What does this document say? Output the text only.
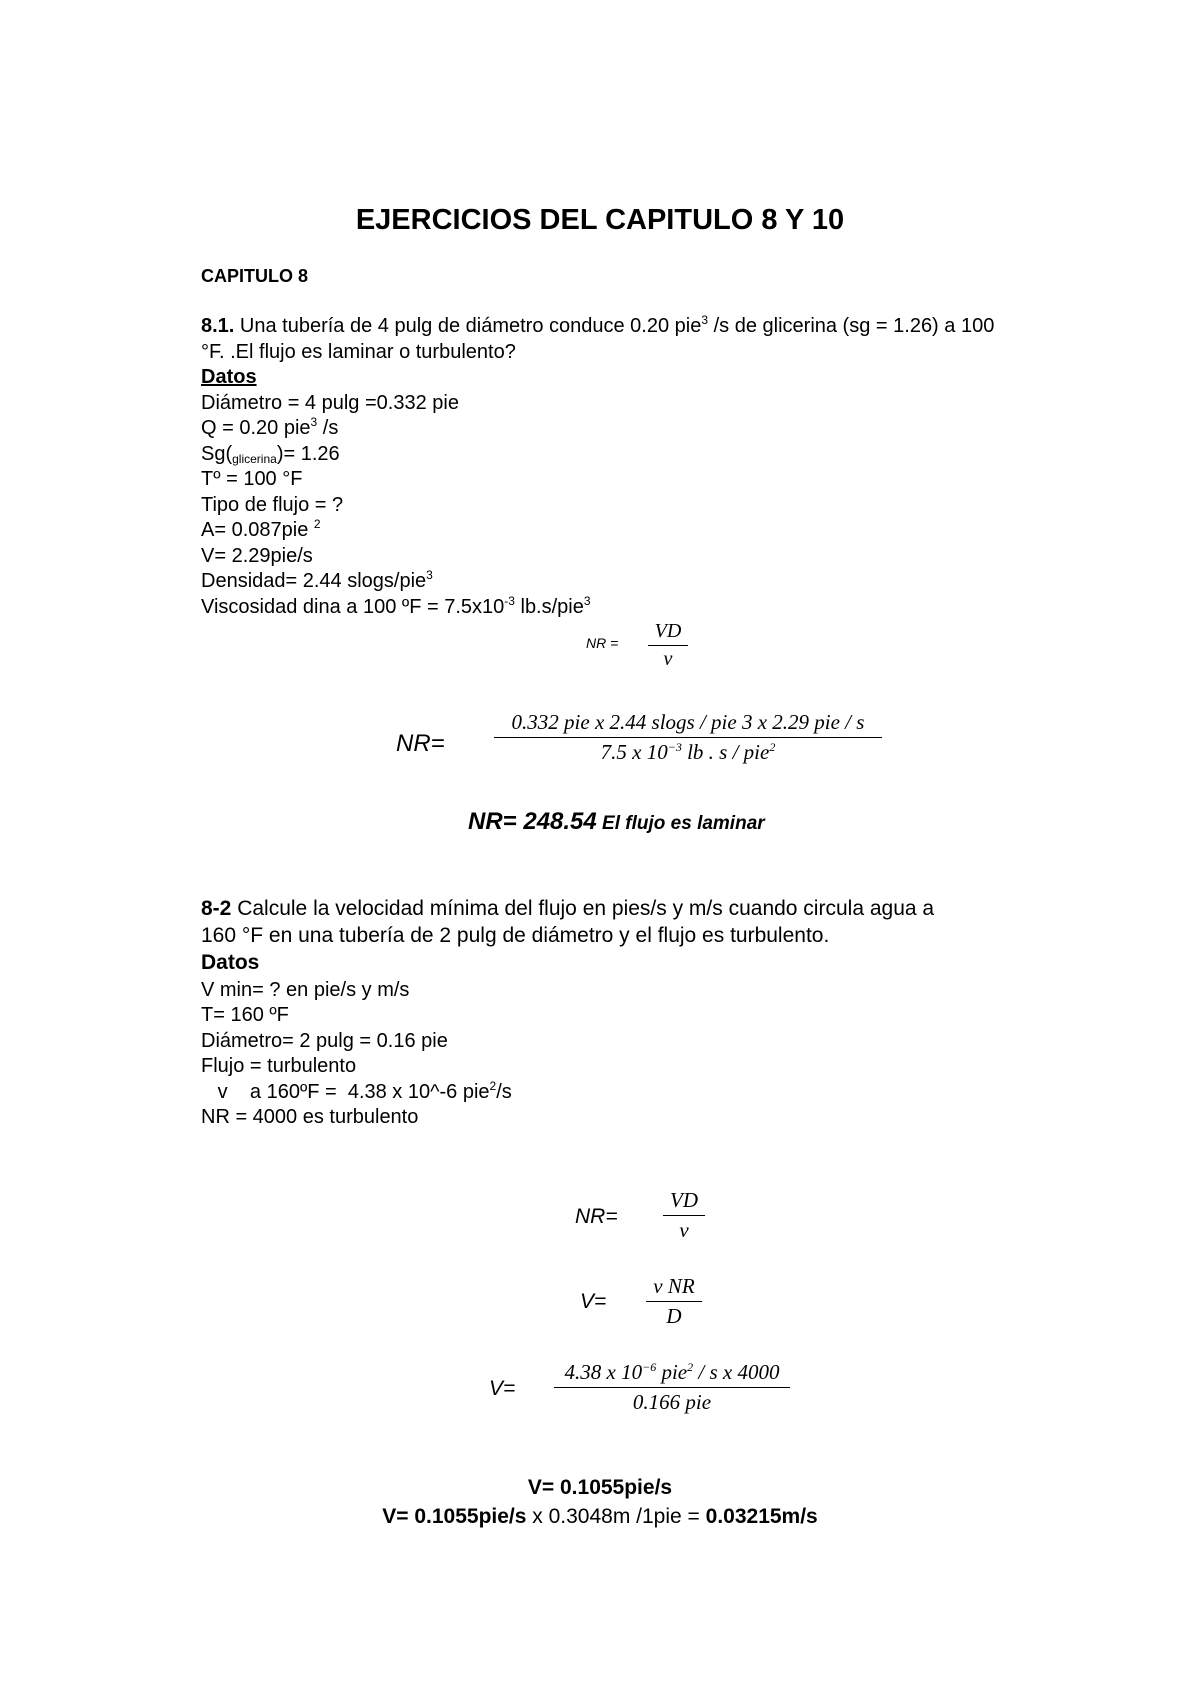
EJERCICIOS DEL CAPITULO 8 Y 10
CAPITULO 8
8.1. Una tubería de 4 pulg de diámetro conduce 0.20 pie$^3$ /s de glicerina (sg = 1.26) a 100
°F. .El flujo es laminar o turbulento?
Datos
Diámetro = 4 pulg =0.332 pie
Q = 0.20 pie$^3$ /s
$Sg(_{glicerina})= 1.26$
Tº = 100 °F
Tipo de flujo = ?
A= 0.087pie $^2$
V= 2.29pie/s
Densidad= 2.44 slogs/pie$^3$
Viscosidad dina a 100 ºF = $7.5x10^{-3}$ lb.s/pie$^3$
NR =
VD
v
NR=
0.332 pie x 2.44 slogs / pie 3 x 2.29 pie / s
7.5 x $10^{-3}$ lb . s / pie$^2$
NR= 248.54 El flujo es laminar
8-2 Calcule la velocidad mínima del flujo en pies/s y m/s cuando circula agua a
160 °F en una tubería de 2 pulg de diámetro y el flujo es turbulento.
Datos
V min= ? en pie/s y m/s
T= 160 ºF
Diámetro= 2 pulg = 0.16 pie
Flujo = turbulento
v    a 160ºF =  4.38 x 10^-6 pie$^2$/s
NR = 4000 es turbulento
NR=
VD
v
V=
v NR
D
V=
4.38 x $10^{-6}$ pie$^2$ / s x 4000
0.166 pie
V= 0.1055pie/s
V= 0.1055pie/s x 0.3048m /1pie = 0.03215m/s
